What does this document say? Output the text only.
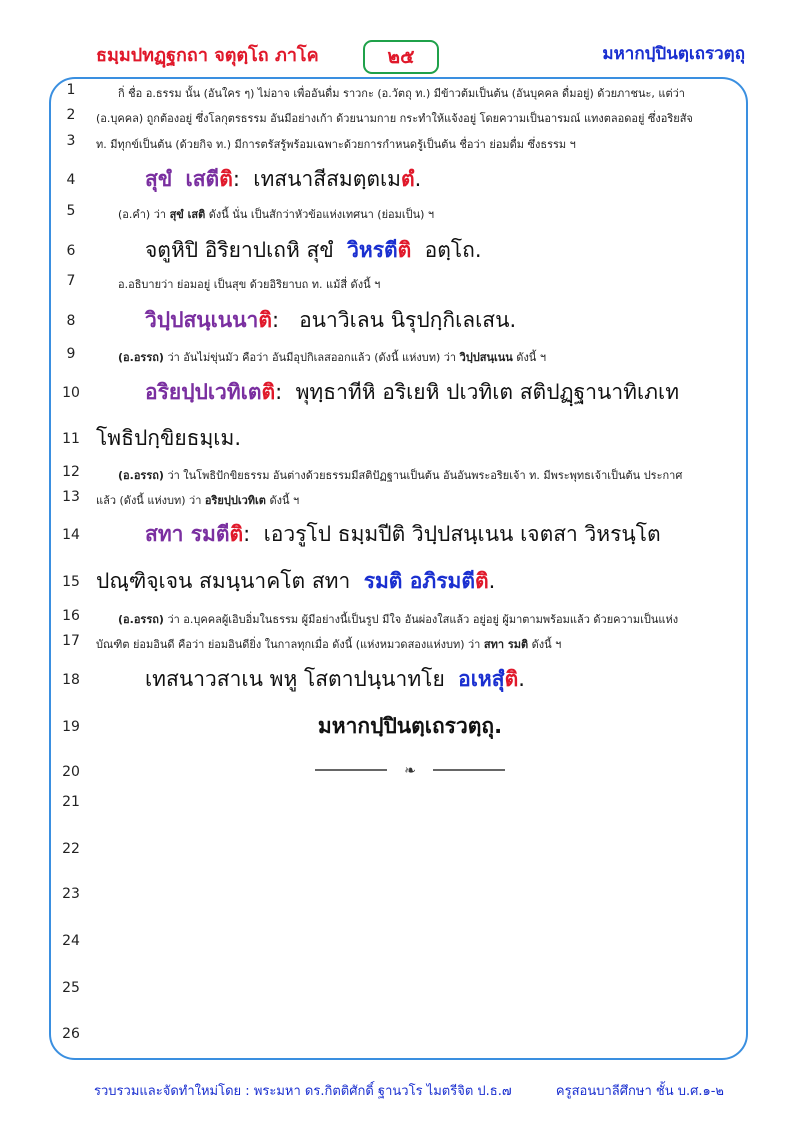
ธมฺมปทฏฺฐกถา จตุตฺโถ ภาโค	๒๕	มหากปฺปินตฺเถรวตฺถุ
1
2
3
4
5
6
7
8
9
10
11
12
13
14
15
16
17
18
19
20
21
22
23
24
25
26
กิ่ ชื่อ อ.ธรรม นั้น (อันใคร ๆ) ไม่อาจ เพื่ออันดื่ม ราวกะ (อ.วัตถุ ท.) มีข้าวต้มเป็นต้น (อันบุคคล ดื่มอยู่) ด้วยภาชนะ, แต่ว่า
(อ.บุคคล) ถูกต้องอยู่ ซึ่งโลกุตรธรรม อันมีอย่างเก้า ด้วยนามกาย กระทำให้แจ้งอยู่ โดยความเป็นอารมณ์ แทงตลอดอยู่ ซึ่งอริยสัจ
ท. มีทุกข์เป็นต้น (ด้วยกิจ ท.) มีการตรัสรู้พร้อมเฉพาะด้วยการกำหนดรู้เป็นต้น ชื่อว่า ย่อมดื่ม ซึ่งธรรม ฯ
สุขํ เสตีติ: เทสนาสีสมตฺตเมตํ.
(อ.คำ) ว่า สุขํ เสติ ดังนี้ นั่น เป็นสักว่าหัวข้อแห่งเทศนา (ย่อมเป็น) ฯ
จตูหิปิ อิริยาปเถหิ สุขํ วิหรตีติ อตฺโถ.
อ.อธิบายว่า ย่อมอยู่ เป็นสุข ด้วยอิริยาบถ ท. แม้สี่ ดังนี้ ฯ
วิปฺปสนฺเนนาติ: อนาวิเลน นิรุปกฺกิเลเสน.
(อ.อรรถ) ว่า อันไม่ขุ่นมัว คือว่า อันมีอุปกิเลสออกแล้ว (ดังนี้ แห่งบท) ว่า วิปฺปสนฺเนน ดังนี้ ฯ
อริยปฺปเวทิเตติ: พุทฺธาทีหิ อริเยหิ ปเวทิเต สติปฏฺฐานาทิเภเท
โพธิปกฺขิยธมฺเม.
(อ.อรรถ) ว่า ในโพธิปักขิยธรรม อันต่างด้วยธรรมมีสติปัฏฐานเป็นต้น อันอันพระอริยเจ้า ท. มีพระพุทธเจ้าเป็นต้น ประกาศ
แล้ว (ดังนี้ แห่งบท) ว่า อริยปฺปเวทิเต ดังนี้ ฯ
สทา รมตีติ: เอวรูโป ธมฺมปีติ วิปฺปสนฺเนน เจตสา วิหรนฺโต
ปณฺฑิจฺเจน สมนฺนาคโต สทา รมติ อภิรมตีติ.
(อ.อรรถ) ว่า อ.บุคคลผู้เอิบอิ่มในธรรม ผู้มีอย่างนี้เป็นรูป มีใจ อันผ่องใสแล้ว อยู่อยู่ ผู้มาตามพร้อมแล้ว ด้วยความเป็นแห่ง
บัณฑิต ย่อมอินดี คือว่า ย่อมอินดียิ่ง ในกาลทุกเมื่อ ดังนี้ (แห่งหมวดสองแห่งบท) ว่า สทา รมติ ดังนี้ ฯ
เทสนาวสาเน พหู โสตาปนฺนาทโย อเหสุํติ.
มหากปฺปินตฺเถรวตฺถุ.
❧
รวบรวมและจัดทำใหม่โดย : พระมหา ดร.กิตติศักดิ์ ฐานวโร ไมตรีจิต ป.ธ.๗	ครูสอนบาลีศึกษา ชั้น บ.ศ.๑-๒
